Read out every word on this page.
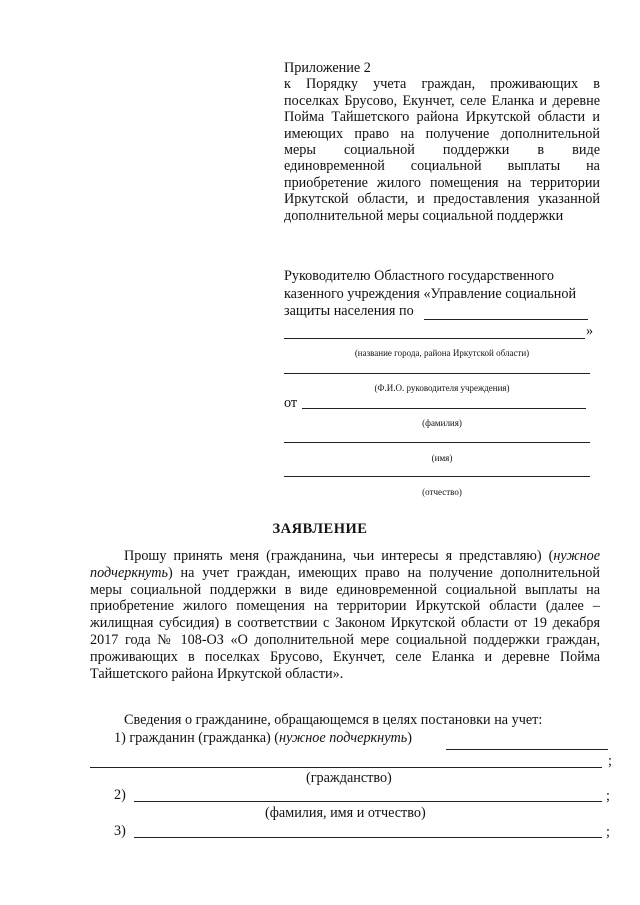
Приложение 2
к Порядку учета граждан, проживающих в поселках Брусово, Екунчет, селе Еланка и деревне Пойма Тайшетского района Иркутской области и имеющих право на получение дополнительной меры социальной поддержки в виде единовременной социальной выплаты на приобретение жилого помещения на территории Иркутской области, и предоставления указанной дополнительной меры социальной поддержки
Руководителю Областного государственного
казенного учреждения «Управление социальной
защиты населения по
»
(название города, района Иркутской области)
(Ф.И.О. руководителя учреждения)
от
(фамилия)
(имя)
(отчество)
ЗАЯВЛЕНИЕ
Прошу принять меня (гражданина, чьи интересы я представляю) (нужное подчеркнуть) на учет граждан, имеющих право на получение дополнительной меры социальной поддержки в виде единовременной социальной выплаты на приобретение жилого помещения на территории Иркутской области (далее – жилищная субсидия) в соответствии с Законом Иркутской области от 19 декабря 2017 года № 108-ОЗ «О дополнительной мере социальной поддержки граждан, проживающих в поселках Брусово, Екунчет, селе Еланка и деревне Пойма Тайшетского района Иркутской области».
Сведения о гражданине, обращающемся в целях постановки на учет:
1) гражданин (гражданка) (нужное подчеркнуть)
;
(гражданство)
2)	;
(фамилия, имя и отчество)
3)	;
